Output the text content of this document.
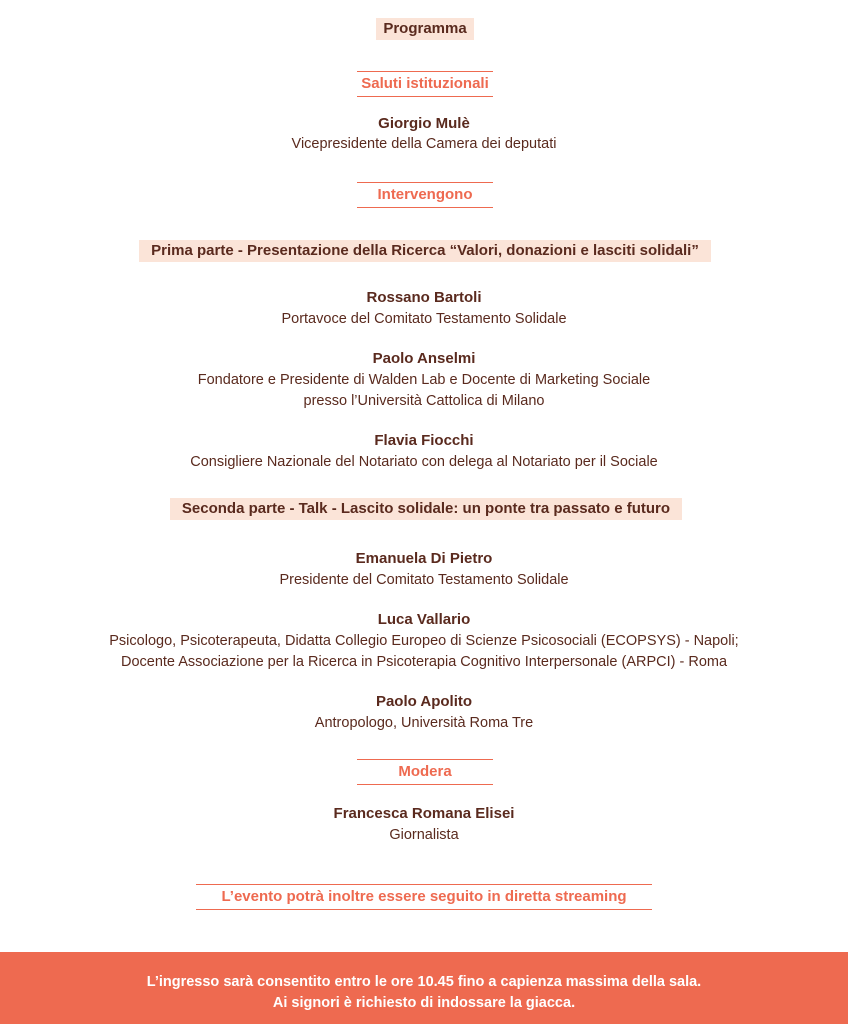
Programma
Saluti istituzionali
Giorgio Mulè
Vicepresidente della Camera dei deputati
Intervengono
Prima parte - Presentazione della Ricerca “Valori, donazioni e lasciti solidali”
Rossano Bartoli
Portavoce del Comitato Testamento Solidale
Paolo Anselmi
Fondatore e Presidente di Walden Lab e Docente di Marketing Sociale
presso l’Università Cattolica di Milano
Flavia Fiocchi
Consigliere Nazionale del Notariato con delega al Notariato per il Sociale
Seconda parte - Talk - Lascito solidale: un ponte tra passato e futuro
Emanuela Di Pietro
Presidente del Comitato Testamento Solidale
Luca Vallario
Psicologo, Psicoterapeuta, Didatta Collegio Europeo di Scienze Psicosociali (ECOPSYS) - Napoli;
Docente Associazione per la Ricerca in Psicoterapia Cognitivo Interpersonale (ARPCI) - Roma
Paolo Apolito
Antropologo, Università Roma Tre
Modera
Francesca Romana Elisei
Giornalista
L’evento potrà inoltre essere seguito in diretta streaming
L’ingresso sarà consentito entro le ore 10.45 fino a capienza massima della sala.
Ai signori è richiesto di indossare la giacca.
